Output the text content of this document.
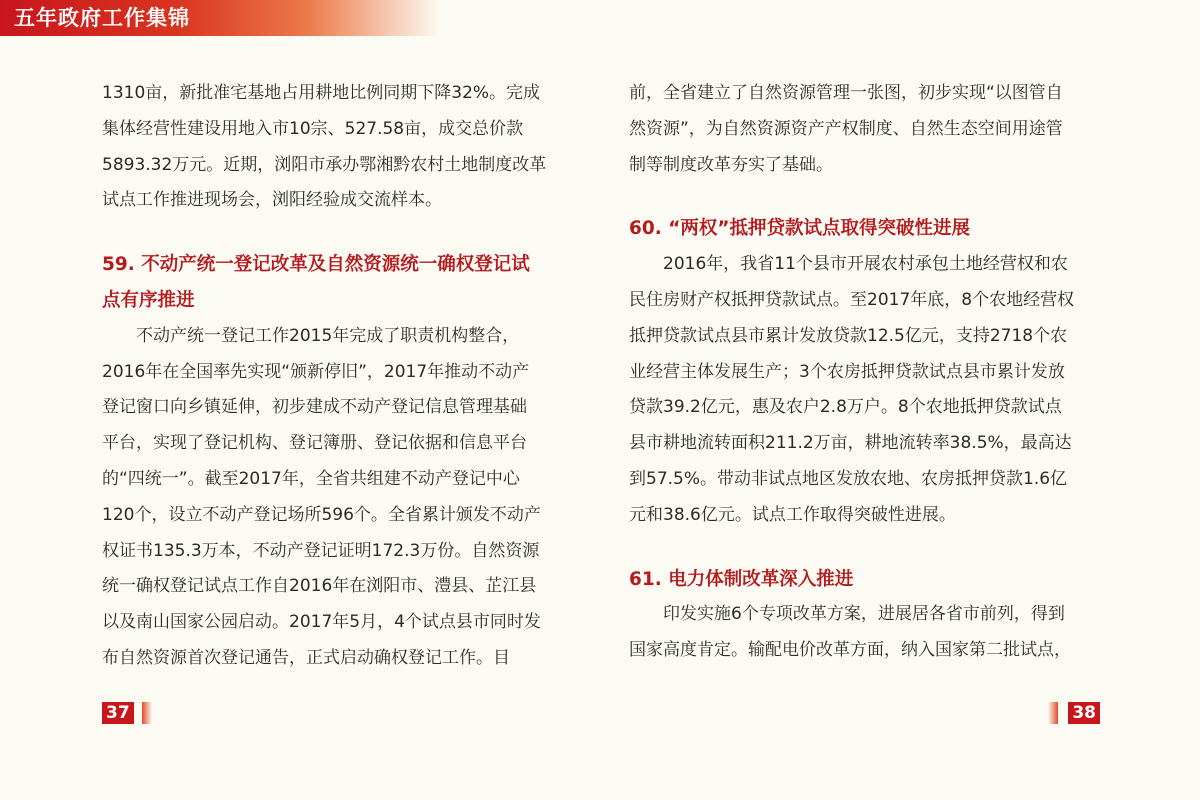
五年政府工作集锦

1310亩，新批准宅基地占用耕地比例同期下降32%。完成

集体经营性建设用地入市10宗、527.58亩，成交总价款

5893.32万元。近期，浏阳市承办鄂湘黔农村土地制度改革

试点工作推进现场会，浏阳经验成交流样本。

59. 不动产统一登记改革及自然资源统一确权登记试

点有序推进

不动产统一登记工作2015年完成了职责机构整合，

2016年在全国率先实现“颁新停旧”，2017年推动不动产

登记窗口向乡镇延伸，初步建成不动产登记信息管理基础

平台，实现了登记机构、登记簿册、登记依据和信息平台

的“四统一”。截至2017年，全省共组建不动产登记中心

120个，设立不动产登记场所596个。全省累计颁发不动产

权证书135.3万本，不动产登记证明172.3万份。自然资源

统一确权登记试点工作自2016年在浏阳市、澧县、芷江县

以及南山国家公园启动。2017年5月，4个试点县市同时发

布自然资源首次登记通告，正式启动确权登记工作。目

前，全省建立了自然资源管理一张图，初步实现“以图管自

然资源”，为自然资源资产产权制度、自然生态空间用途管

制等制度改革夯实了基础。

60. “两权”抵押贷款试点取得突破性进展

2016年，我省11个县市开展农村承包土地经营权和农

民住房财产权抵押贷款试点。至2017年底，8个农地经营权

抵押贷款试点县市累计发放贷款12.5亿元，支持2718个农

业经营主体发展生产；3个农房抵押贷款试点县市累计发放

贷款39.2亿元，惠及农户2.8万户。8个农地抵押贷款试点

县市耕地流转面积211.2万亩，耕地流转率38.5%，最高达

到57.5%。带动非试点地区发放农地、农房抵押贷款1.6亿

元和38.6亿元。试点工作取得突破性进展。

61. 电力体制改革深入推进

印发实施6个专项改革方案，进展居各省市前列，得到

国家高度肯定。输配电价改革方面，纳入国家第二批试点，

37	38
